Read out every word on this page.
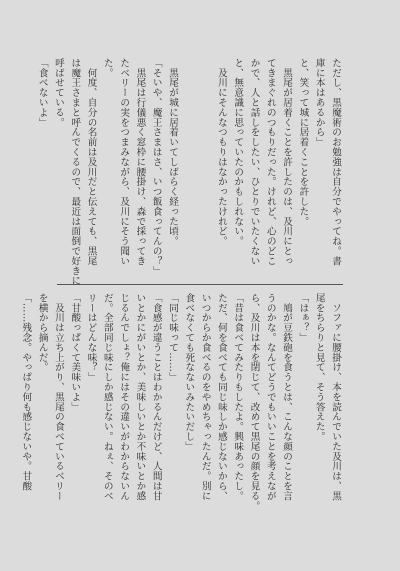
ただし、黒魔術のお勉強は自分でやってね。書
庫に本はあるから」
と、笑って城に居着くことを許した。
　黒尾が居着くことを許したのは、及川にとっ
てきまぐれのつもりだった。けれど、心のどこ
かで、人と話しをしたい、ひとりでいたくない
と、無意識に思っていたのかもしれない。
　及川にそんなつもりはなかったけれど。

　黒尾が城に居着いてしばらく経った頃。
「そいや、魔王さまはさ、いつ飯食ってんの？」
　黒尾は行儀悪く窓枠に腰掛け、森で採ってき
たベリーの実をつまみながら、及川にそう聞い
た。
　何度、自分の名前は及川だと伝えても、黒尾
は魔王さまと呼んでくるので、最近は面倒で好きに
呼ばせている。
「食べないよ」
　ソファに腰掛け、本を読んでいた及川は、黒
尾をちらりと見て、そう答えた。
「はぁ？」
　鳩が豆鉄砲を食うとは、こんな顔のことを言
うのかな。なんてどうでもいいことを考えなが
ら、及川は本を閉じて、改めて黒尾の顔を見る。
「昔は食べてみたりもしたよ。興味あったし。
ただ、何を食べても同じ味しか感じないから、
いつからか食べるのをやめちゃったんだ。別に
食べなくても死なないみたいだし」
「同じ味って……」
「食感が違うことはわかるんだけど、人間は甘
いとかにがいとか、美味しいとか不味いとか感
じるんでしょ？俺にはその違いがわからないん
だ。全部同じ味にしか感じない。ねぇ、そのベ
リーはどんな味？」
「甘酸っぱくて美味いよ」
　及川は立ち上がり、黒尾の食べているベリー
を横から摘んだ。
「……残念。やっぱり何も感じないや。甘酸
